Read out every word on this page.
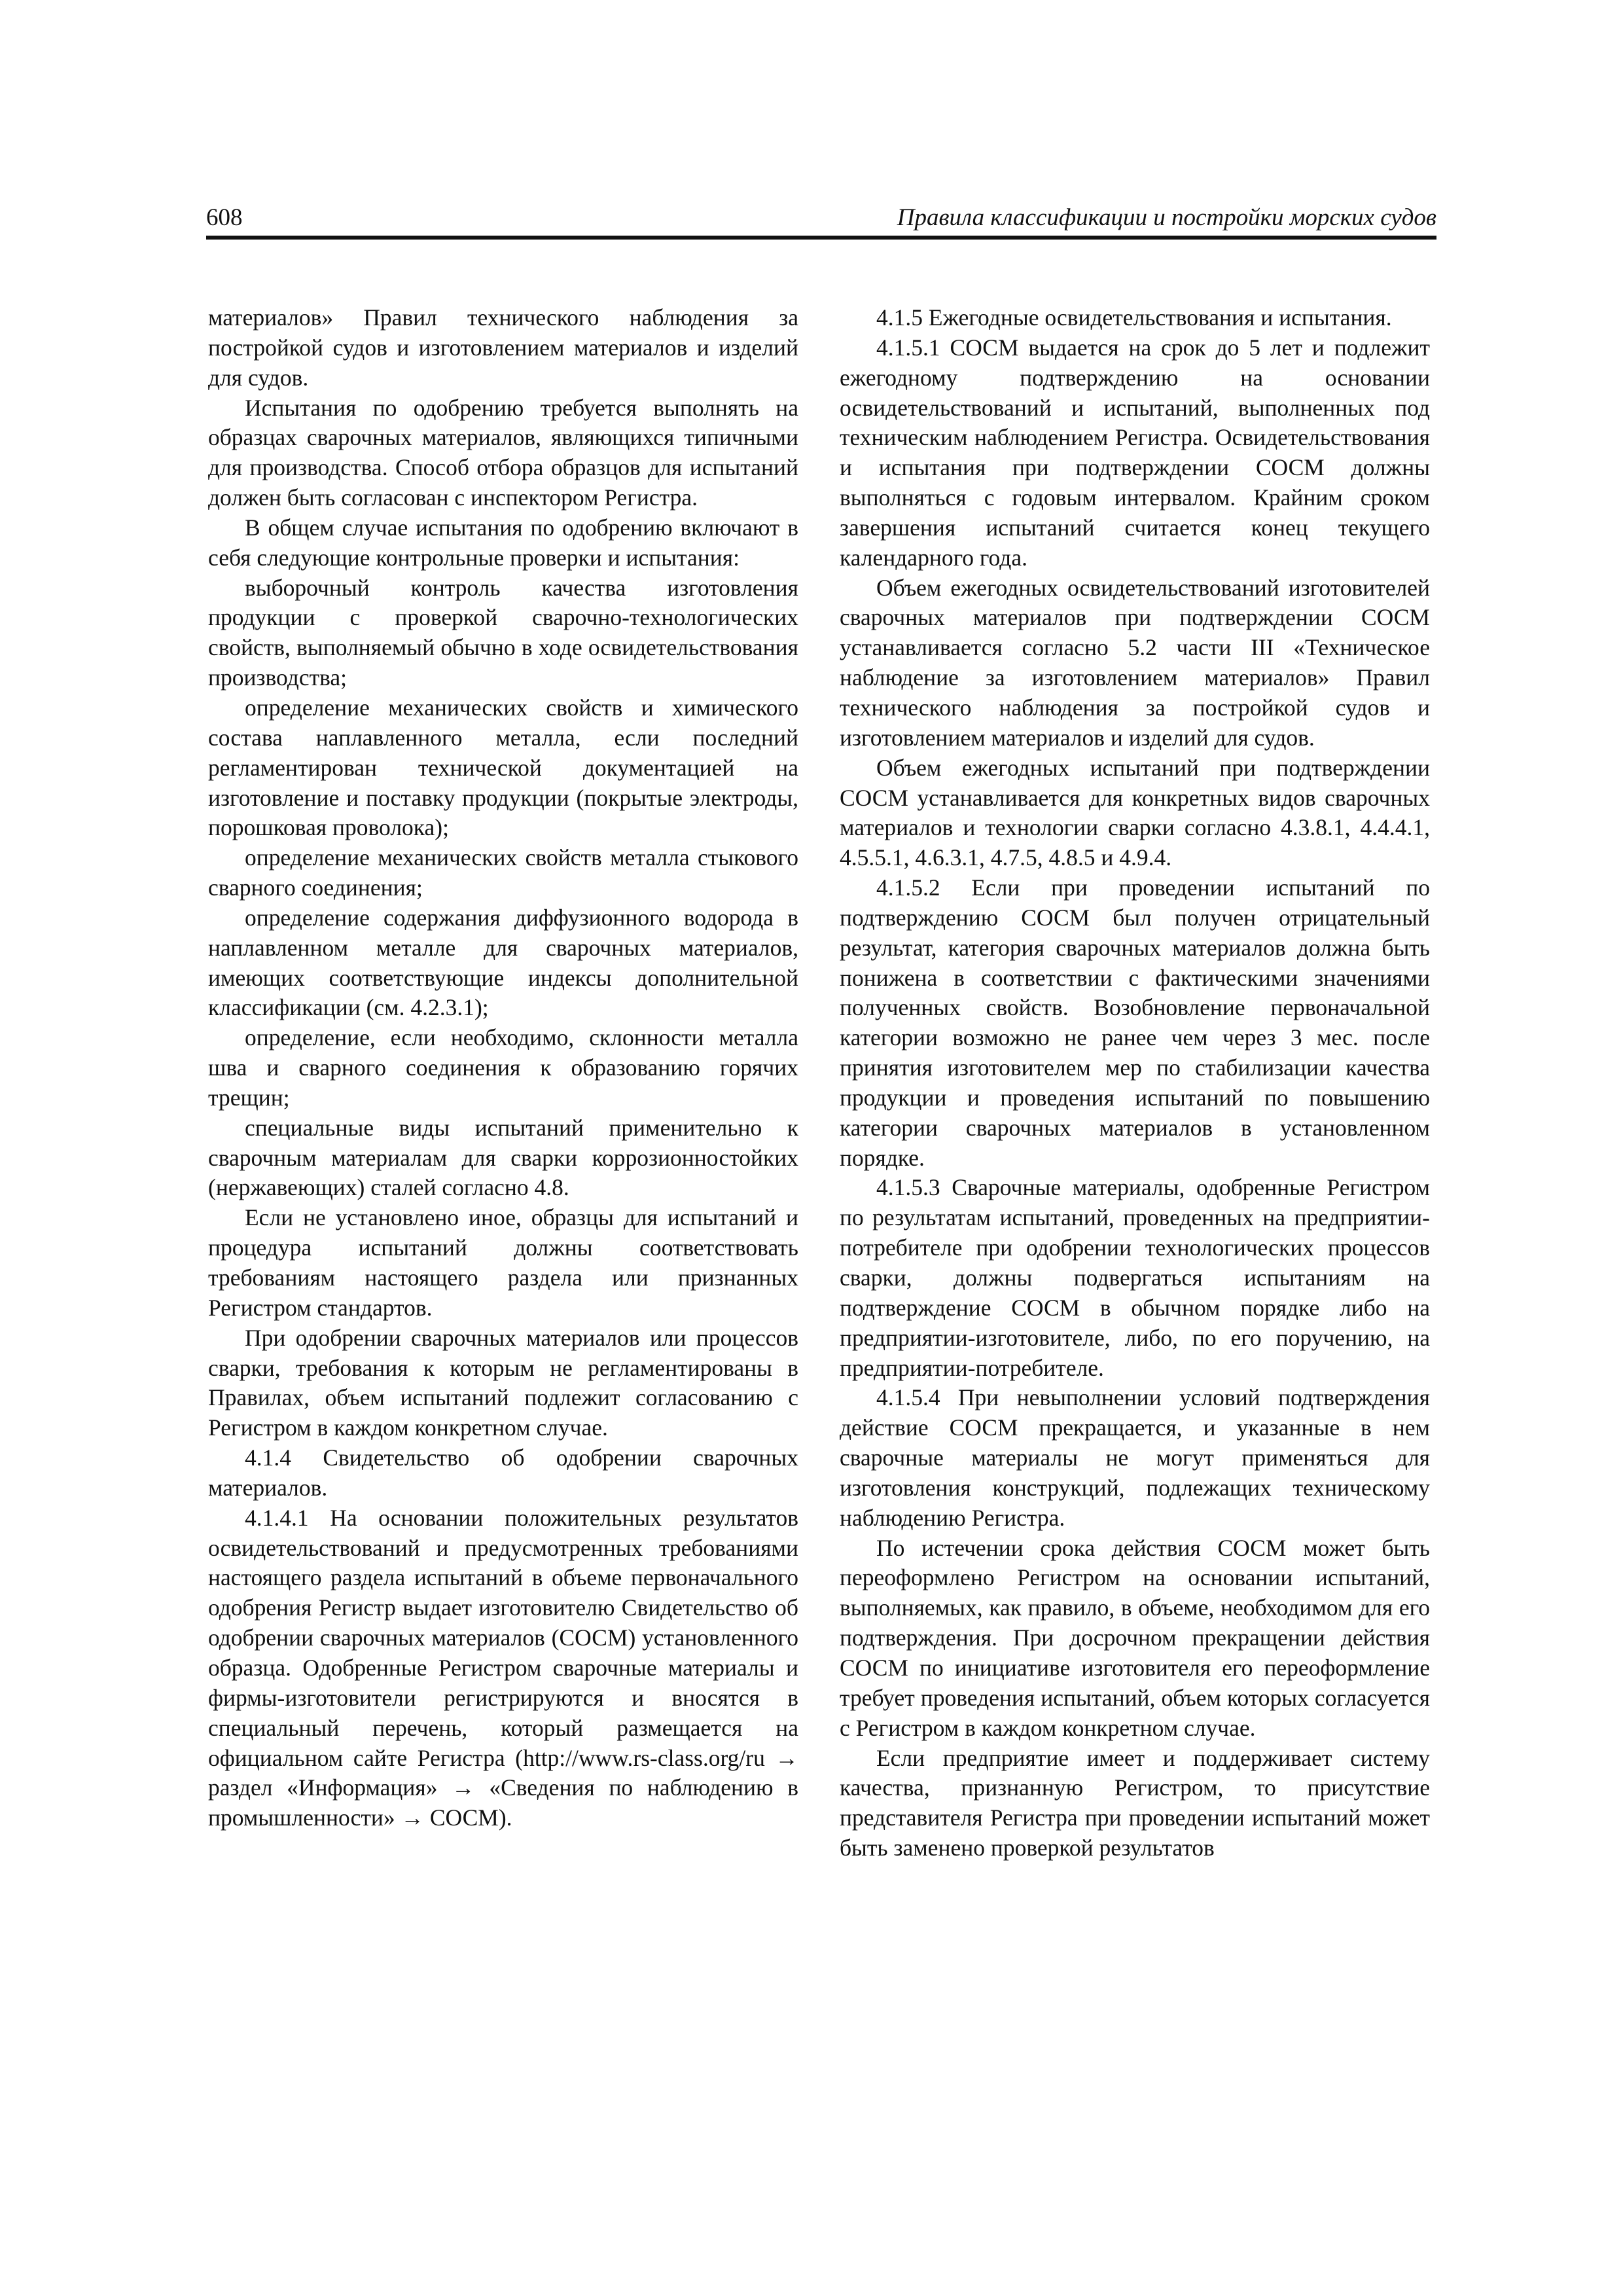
608	Правила классификации и постройки морских судов

материалов» Правил технического наблюдения за постройкой судов и изготовлением материалов и изделий для судов.

Испытания по одобрению требуется выполнять на образцах сварочных материалов, являющихся типичными для производства. Способ отбора образцов для испытаний должен быть согласован с инспектором Регистра.

В общем случае испытания по одобрению включают в себя следующие контрольные проверки и испытания:

выборочный контроль качества изготовления продукции с проверкой сварочно-технологических свойств, выполняемый обычно в ходе освидетельствования производства;

определение механических свойств и химического состава наплавленного металла, если последний регламентирован технической документацией на изготовление и поставку продукции (покрытые электроды, порошковая проволока);

определение механических свойств металла стыкового сварного соединения;

определение содержания диффузионного водорода в наплавленном металле для сварочных материалов, имеющих соответствующие индексы дополнительной классификации (см. 4.2.3.1);

определение, если необходимо, склонности металла шва и сварного соединения к образованию горячих трещин;

специальные виды испытаний применительно к сварочным материалам для сварки коррозионностойких (нержавеющих) сталей согласно 4.8.

Если не установлено иное, образцы для испытаний и процедура испытаний должны соответствовать требованиям настоящего раздела или признанных Регистром стандартов.

При одобрении сварочных материалов или процессов сварки, требования к которым не регламентированы в Правилах, объем испытаний подлежит согласованию с Регистром в каждом конкретном случае.

4.1.4 Свидетельство об одобрении сварочных материалов.

4.1.4.1 На основании положительных результатов освидетельствований и предусмотренных требованиями настоящего раздела испытаний в объеме первоначального одобрения Регистр выдает изготовителю Свидетельство об одобрении сварочных материалов (СОСМ) установленного образца. Одобренные Регистром сварочные материалы и фирмы-изготовители регистрируются и вносятся в специальный перечень, который размещается на официальном сайте Регистра (http://www.rs-class.org/ru → раздел «Информация» → «Сведения по наблюдению в промышленности» → СОСМ).

4.1.5 Ежегодные освидетельствования и испытания.

4.1.5.1 СОСМ выдается на срок до 5 лет и подлежит ежегодному подтверждению на основании освидетельствований и испытаний, выполненных под техническим наблюдением Регистра. Освидетельствования и испытания при подтверждении СОСМ должны выполняться с годовым интервалом. Крайним сроком завершения испытаний считается конец текущего календарного года.

Объем ежегодных освидетельствований изготовителей сварочных материалов при подтверждении СОСМ устанавливается согласно 5.2 части III «Техническое наблюдение за изготовлением материалов» Правил технического наблюдения за постройкой судов и изготовлением материалов и изделий для судов.

Объем ежегодных испытаний при подтверждении СОСМ устанавливается для конкретных видов сварочных материалов и технологии сварки согласно 4.3.8.1, 4.4.4.1, 4.5.5.1, 4.6.3.1, 4.7.5, 4.8.5 и 4.9.4.

4.1.5.2 Если при проведении испытаний по подтверждению СОСМ был получен отрицательный результат, категория сварочных материалов должна быть понижена в соответствии с фактическими значениями полученных свойств. Возобновление первоначальной категории возможно не ранее чем через 3 мес. после принятия изготовителем мер по стабилизации качества продукции и проведения испытаний по повышению категории сварочных материалов в установленном порядке.

4.1.5.3 Сварочные материалы, одобренные Регистром по результатам испытаний, проведенных на предприятии-потребителе при одобрении технологических процессов сварки, должны подвергаться испытаниям на подтверждение СОСМ в обычном порядке либо на предприятии-изготовителе, либо, по его поручению, на предприятии-потребителе.

4.1.5.4 При невыполнении условий подтверждения действие СОСМ прекращается, и указанные в нем сварочные материалы не могут применяться для изготовления конструкций, подлежащих техническому наблюдению Регистра.

По истечении срока действия СОСМ может быть переоформлено Регистром на основании испытаний, выполняемых, как правило, в объеме, необходимом для его подтверждения. При досрочном прекращении действия СОСМ по инициативе изготовителя его переоформление требует проведения испытаний, объем которых согласуется с Регистром в каждом конкретном случае.

Если предприятие имеет и поддерживает систему качества, признанную Регистром, то присутствие представителя Регистра при проведении испытаний может быть заменено проверкой результатов
